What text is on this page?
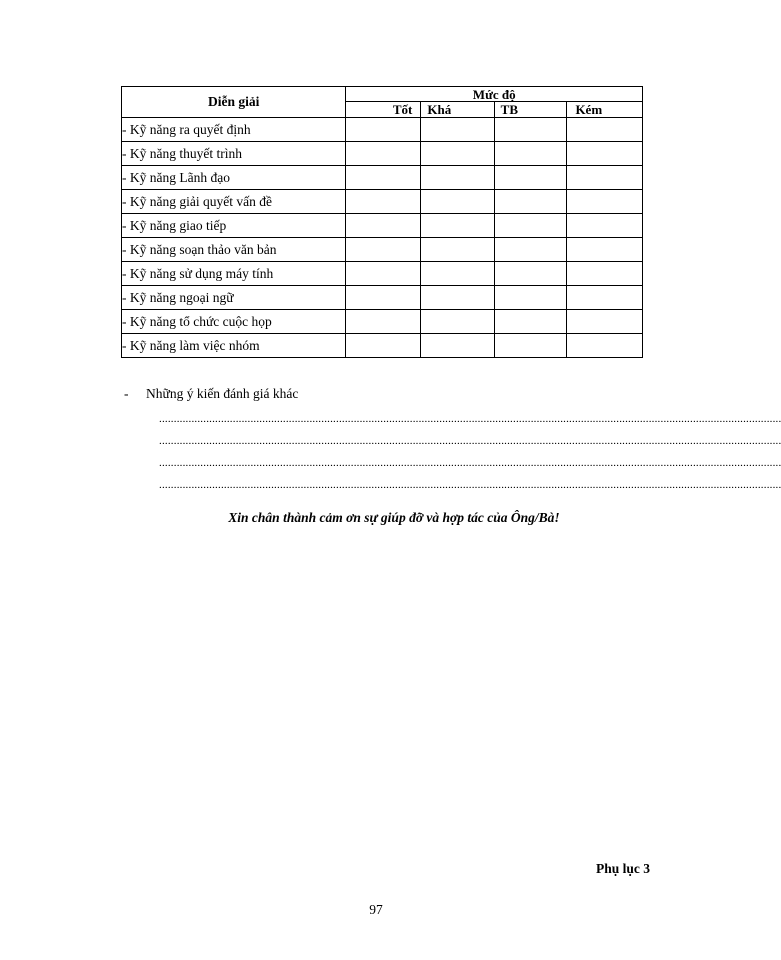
Diễn giải	Mức độ			
	Tốt	Khá	TB	Kém
- Kỹ năng ra quyết định				
- Kỹ năng thuyết trình				
- Kỹ năng Lãnh đạo				
- Kỹ năng giải quyết vấn đề				
- Kỹ năng giao tiếp				
- Kỹ năng soạn thảo văn bản				
- Kỹ năng sử dụng máy tính				
- Kỹ năng ngoại ngữ				
- Kỹ năng tổ chức cuộc họp				
- Kỹ năng làm việc nhóm				
- Những ý kiến đánh giá khác
...................................................................................................................................................................................................................
...................................................................................................................................................................................................................
...................................................................................................................................................................................................................
...................................................................................................................................................................................................................
Xin chân thành cảm ơn sự giúp đỡ và hợp tác của Ông/Bà!
Phụ lục 3
97
